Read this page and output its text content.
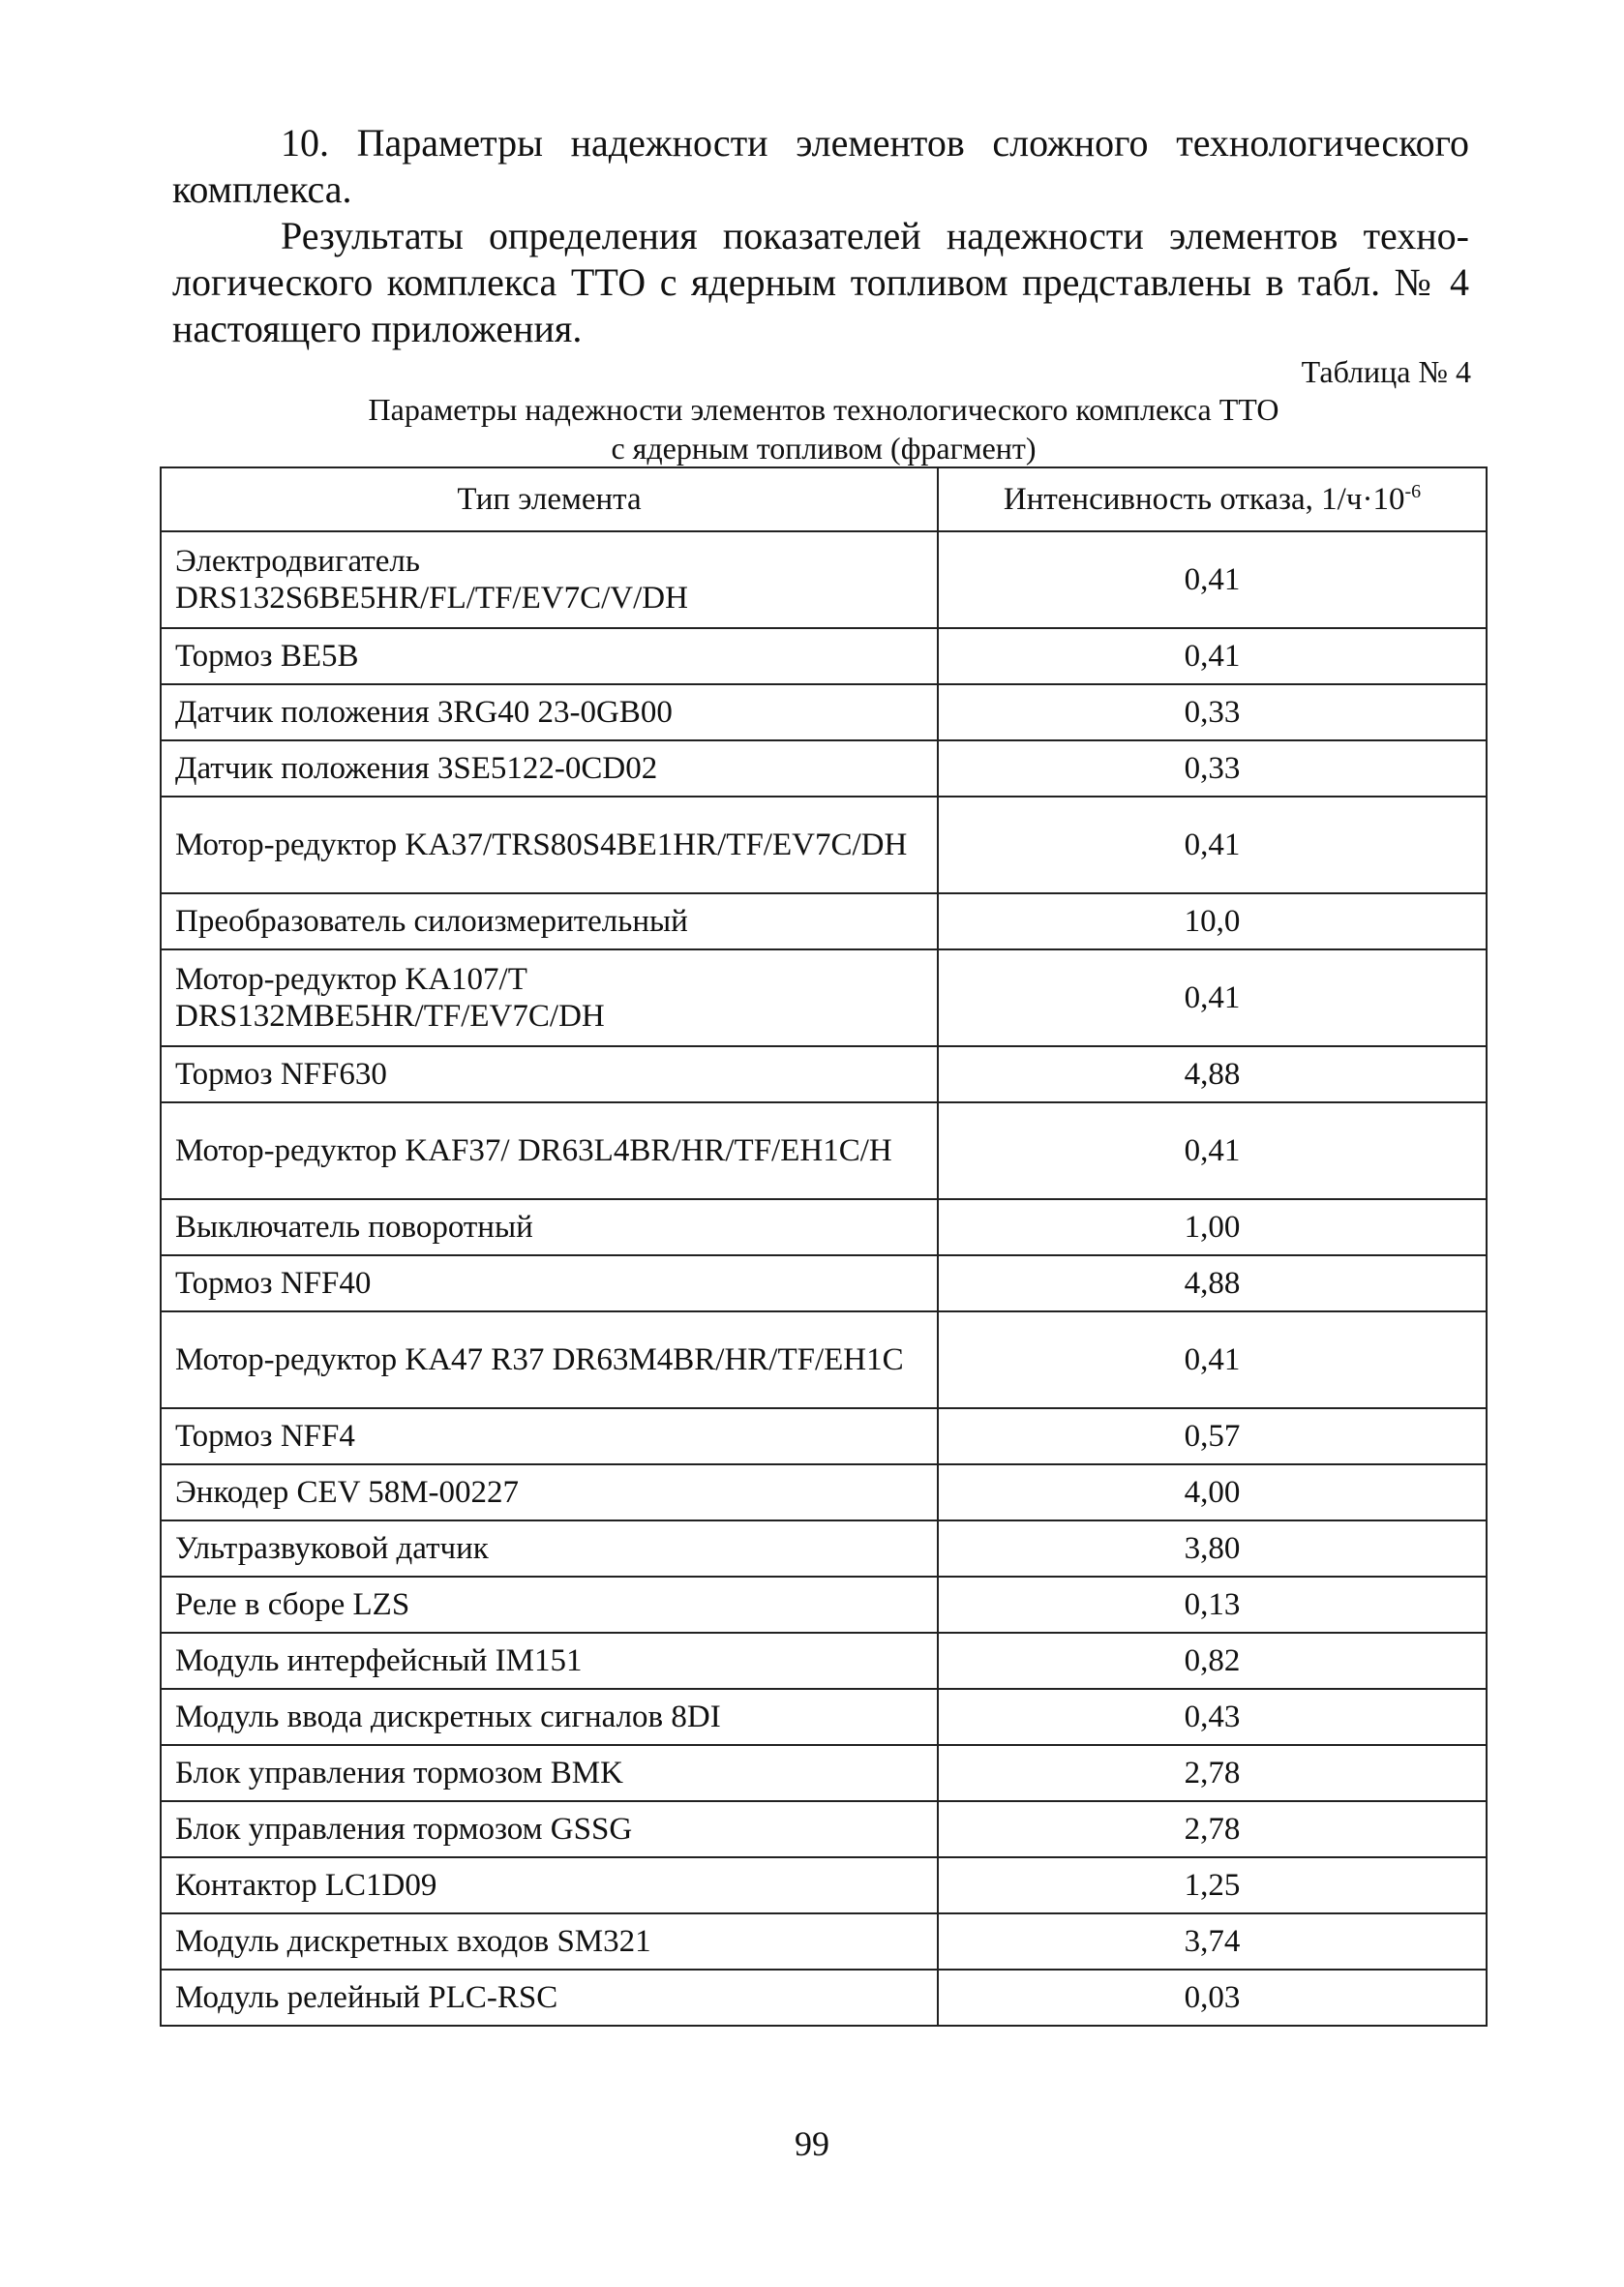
10. Параметры надежности элементов сложного технологического комплекса.

Результаты определения показателей надежности элементов техно-логического комплекса ТТО с ядерным топливом представлены в табл. № 4 настоящего приложения.

Таблица № 4

Параметры надежности элементов технологического комплекса ТТО
с ядерным топливом (фрагмент)
Тип элемента	Интенсивность отказа, $1/ч\cdot 10^{-6}$
Электродвигатель DRS132S6BE5HR/FL/TF/EV7C/V/DH	0,41
Тормоз BE5B	0,41
Датчик положения 3RG40 23-0GB00	0,33
Датчик положения 3SE5122-0CD02	0,33
Мотор-редуктор KA37/TRS80S4BE1HR/TF/EV7C/DH	0,41
Преобразователь силоизмерительный	10,0
Мотор-редуктор KA107/T DRS132MBE5HR/TF/EV7C/DH	0,41
Тормоз NFF630	4,88
Мотор-редуктор KAF37/ DR63L4BR/HR/TF/EH1C/H	0,41
Выключатель поворотный	1,00
Тормоз NFF40	4,88
Мотор-редуктор KA47 R37 DR63M4BR/HR/TF/EH1C	0,41
Тормоз NFF4	0,57
Энкодер CEV 58M-00227	4,00
Ультразвуковой датчик	3,80
Реле в сборе LZS	0,13
Модуль интерфейсный IM151	0,82
Модуль ввода дискретных сигналов 8DI	0,43
Блок управления тормозом BMK	2,78
Блок управления тормозом GSSG	2,78
Контактор LC1D09	1,25
Модуль дискретных входов SM321	3,74
Модуль релейный PLC-RSC	0,03

99
